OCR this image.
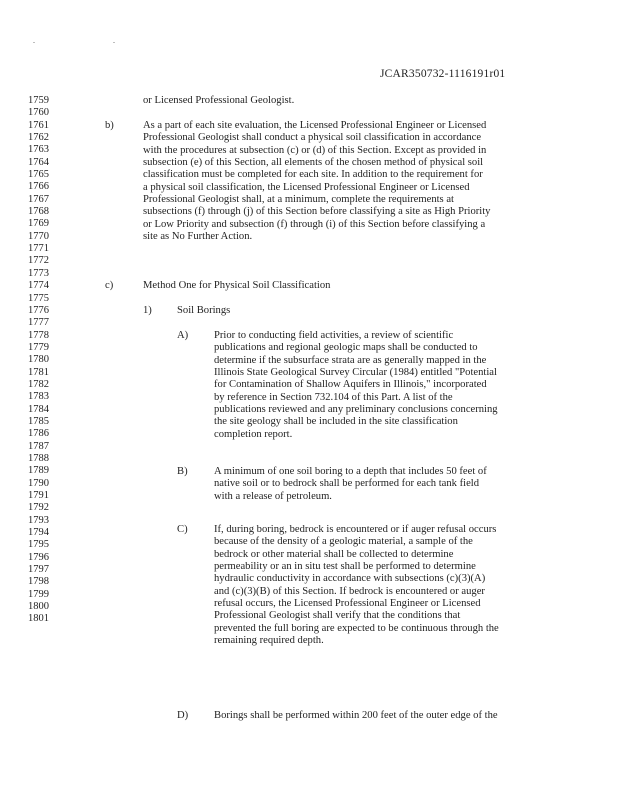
. .
JCAR350732-1116191r01
1759
1760
1761
1762
1763
1764
1765
1766
1767
1768
1769
1770
1771
1772
1773
1774
1775
1776
1777
1778
1779
1780
1781
1782
1783
1784
1785
1786
1787
1788
1789
1790
1791
1792
1793
1794
1795
1796
1797
1798
1799
1800
1801
or Licensed Professional Geologist.
b)	As a part of each site evaluation, the Licensed Professional Engineer or Licensed
Professional Geologist shall conduct a physical soil classification in accordance
with the procedures at subsection (c) or (d) of this Section. Except as provided in
subsection (e) of this Section, all elements of the chosen method of physical soil
classification must be completed for each site. In addition to the requirement for
a physical soil classification, the Licensed Professional Engineer or Licensed
Professional Geologist shall, at a minimum, complete the requirements at
subsections (f) through (j) of this Section before classifying a site as High Priority
or Low Priority and subsection (f) through (i) of this Section before classifying a
site as No Further Action.
c)	Method One for Physical Soil Classification
1) Soil Borings
A) Prior to conducting field activities, a review of scientific
publications and regional geologic maps shall be conducted to
determine if the subsurface strata are as generally mapped in the
Illinois State Geological Survey Circular (1984) entitled "Potential
for Contamination of Shallow Aquifers in Illinois," incorporated
by reference in Section 732.104 of this Part. A list of the
publications reviewed and any preliminary conclusions concerning
the site geology shall be included in the site classification
completion report.
B) A minimum of one soil boring to a depth that includes 50 feet of
native soil or to bedrock shall be performed for each tank field
with a release of petroleum.
C) If, during boring, bedrock is encountered or if auger refusal occurs
because of the density of a geologic material, a sample of the
bedrock or other material shall be collected to determine
permeability or an in situ test shall be performed to determine
hydraulic conductivity in accordance with subsections (c)(3)(A)
and (c)(3)(B) of this Section. If bedrock is encountered or auger
refusal occurs, the Licensed Professional Engineer or Licensed
Professional Geologist shall verify that the conditions that
prevented the full boring are expected to be continuous through the
remaining required depth.
D) Borings shall be performed within 200 feet of the outer edge of the
